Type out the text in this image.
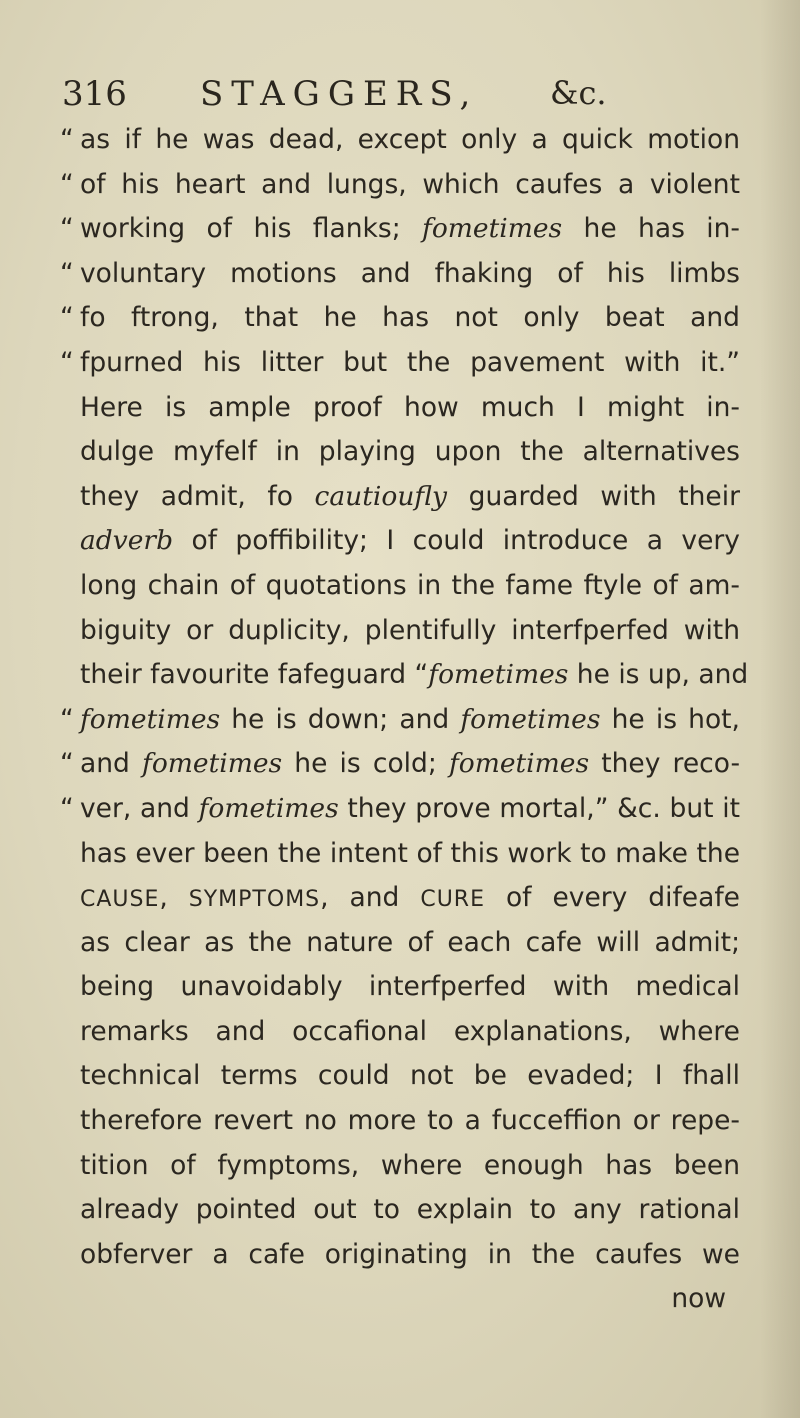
316 STAGGERS, &c.
“as if he was dead, except only a quick motion
“of his heart and lungs, which caufes a violent
“working of his flanks; fometimes he has in-
“voluntary motions and fhaking of his limbs
“fo ftrong, that he has not only beat and
“fpurned his litter but the pavement with it.”
Here is ample proof how much I might in-
dulge myfelf in playing upon the alternatives
they admit, fo cautioufly guarded with their
adverb of poffibility; I could introduce a very
long chain of quotations in the fame ftyle of am-
biguity or duplicity, plentifully interfperfed with
their favourite fafeguard “fometimes he is up, and
“fometimes he is down; and fometimes he is hot,
“and fometimes he is cold; fometimes they reco-
“ver, and fometimes they prove mortal,” &c. but it
has ever been the intent of this work to make the
CAUSE, SYMPTOMS, and CURE of every difeafe
as clear as the nature of each cafe will admit;
being unavoidably interfperfed with medical
remarks and occafional explanations, where
technical terms could not be evaded; I fhall
therefore revert no more to a fucceffion or repe-
tition of fymptoms, where enough has been
already pointed out to explain to any rational
obferver a cafe originating in the caufes we
now
